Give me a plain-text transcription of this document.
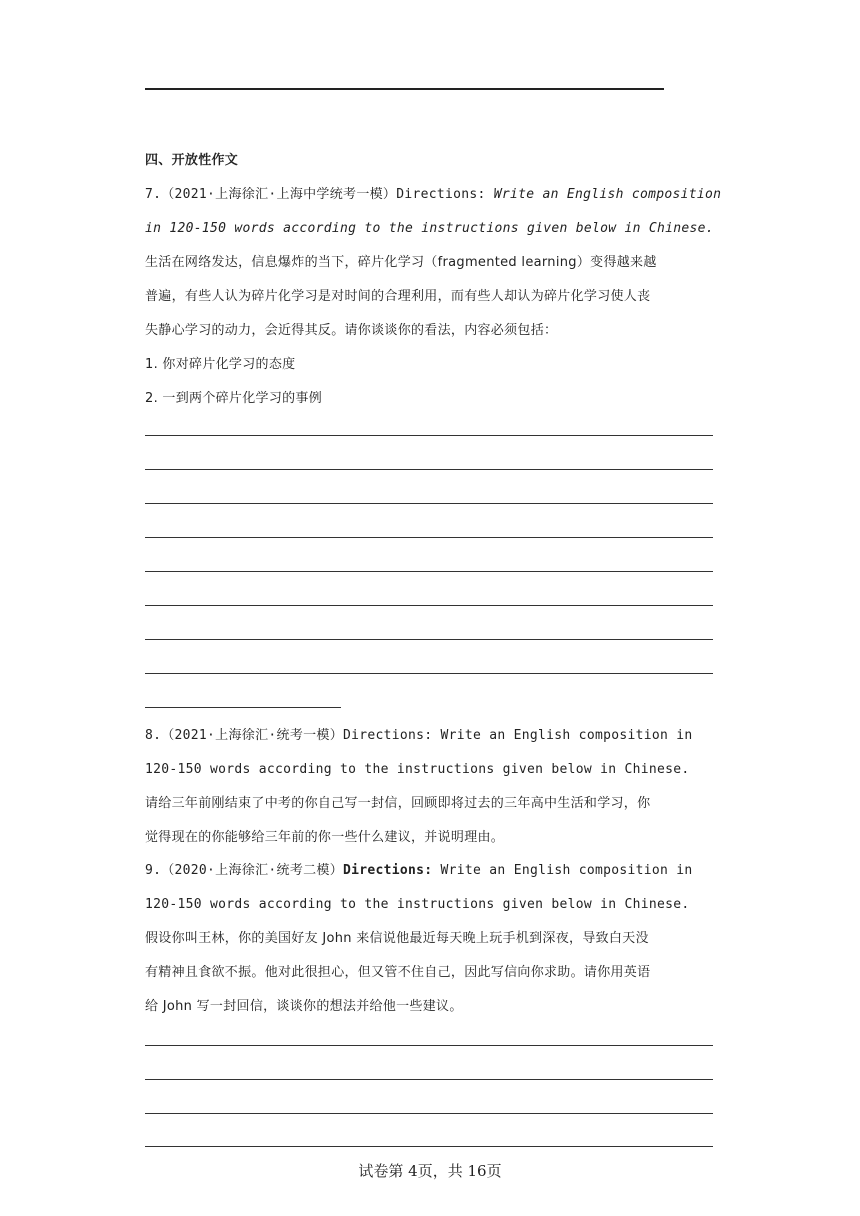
四、开放性作文
7.（2021·上海徐汇·上海中学统考一模）Directions: Write an English composition
in 120-150 words according to the instructions given below in Chinese.
生活在网络发达，信息爆炸的当下，碎片化学习（fragmented learning）变得越来越
普遍，有些人认为碎片化学习是对时间的合理利用，而有些人却认为碎片化学习使人丧
失静心学习的动力，会近得其反。请你谈谈你的看法，内容必须包括：
1. 你对碎片化学习的态度
2. 一到两个碎片化学习的事例
8.（2021·上海徐汇·统考一模）Directions: Write an English composition in
120-150 words according to the instructions given below in Chinese.
请给三年前刚结束了中考的你自己写一封信，回顾即将过去的三年高中生活和学习，你
觉得现在的你能够给三年前的你一些什么建议，并说明理由。
9.（2020·上海徐汇·统考二模）Directions: Write an English composition in
120-150 words according to the instructions given below in Chinese.
假设你叫王林，你的美国好友 John 来信说他最近每天晚上玩手机到深夜，导致白天没
有精神且食欲不振。他对此很担心，但又管不住自己，因此写信向你求助。请你用英语
给 John 写一封回信，谈谈你的想法并给他一些建议。
试卷第 4页，共 16页
